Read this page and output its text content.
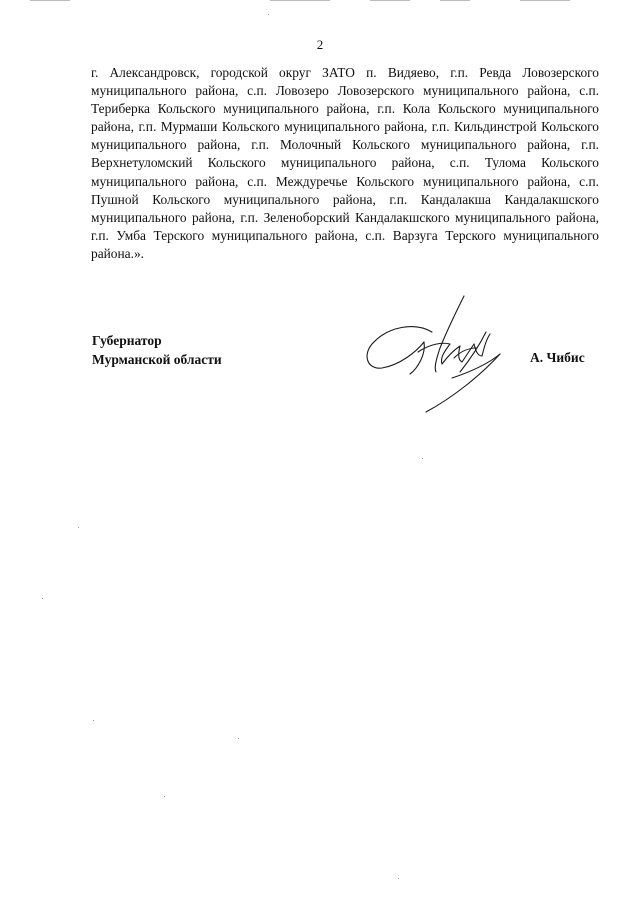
2

г. Александровск, городской округ ЗАТО п. Видяево, г.п. Ревда Ловозерского муниципального района, с.п. Ловозеро Ловозерского муниципального района, с.п. Териберка Кольского муниципального района, г.п. Кола Кольского муниципального района, г.п. Мурмаши Кольского муниципального района, г.п. Кильдинстрой Кольского муниципального района, г.п. Молочный Кольского муниципального района, г.п. Верхнетуломский Кольского муниципального района, с.п. Тулома Кольского муниципального района, с.п. Междуречье Кольского муниципального района, с.п. Пушной Кольского муниципального района, г.п. Кандалакша Кандалакшского муниципального района, г.п. Зеленоборский Кандалакшского муниципального района, г.п. Умба Терского муниципального района, с.п. Варзуга Терского муниципального района.».

Губернатор
Мурманской области	А. Чибис
